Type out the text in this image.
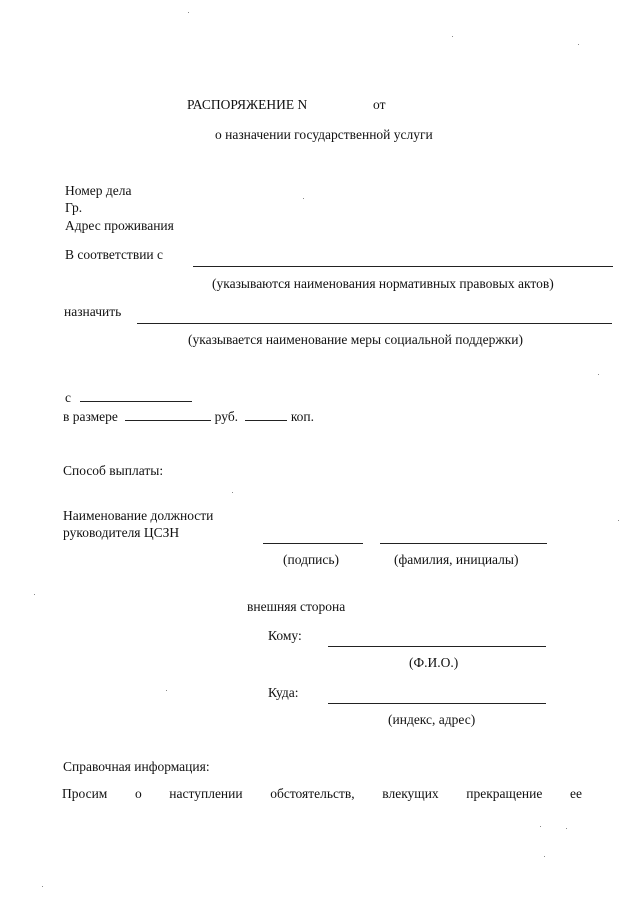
РАСПОРЯЖЕНИЕ N	от
о назначении государственной услуги
Номер дела
Гр.
Адрес проживания
В соответствии с
(указываются наименования нормативных правовых актов)
назначить
(указывается наименование меры социальной поддержки)
с
в размере	руб.	коп.
Способ выплаты:
Наименование должности
руководителя ЦСЗН
(подпись)	(фамилия, инициалы)
внешняя сторона
Кому:
(Ф.И.О.)
Куда:
(индекс, адрес)
Справочная информация:
Просим о наступлении обстоятельств, влекущих прекращение ее
